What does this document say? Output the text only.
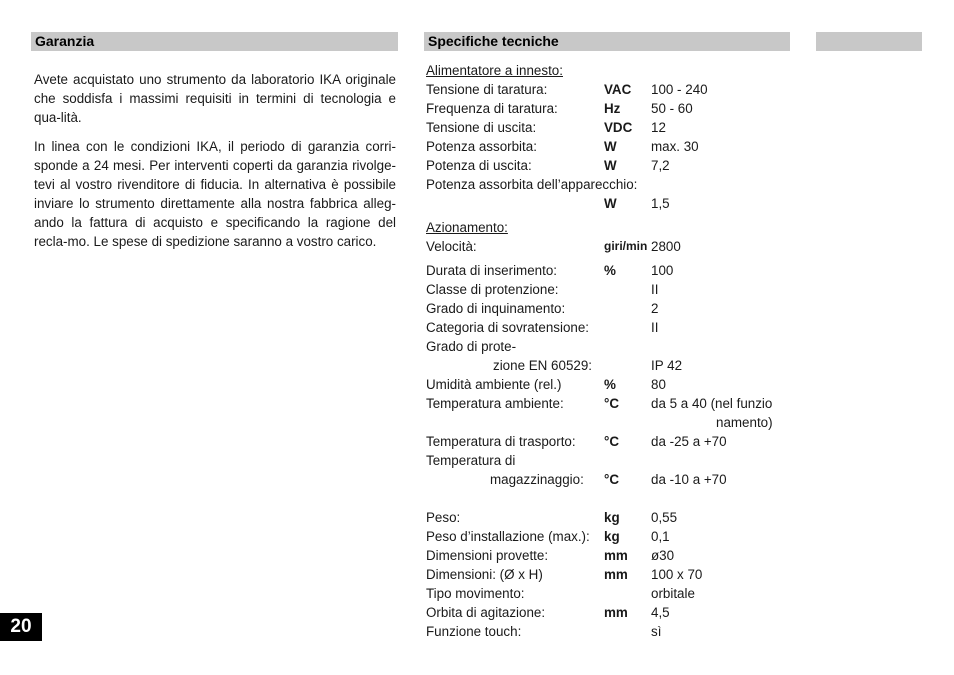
Garanzia	Specifiche tecniche

Avete acquistato uno strumento da laboratorio IKA originale che soddisfa i massimi requisiti in termini di tecnologia e qua-lità.

In linea con le condizioni IKA, il periodo di garanzia corri-sponde a 24 mesi. Per interventi coperti da garanzia rivolge-tevi al vostro rivenditore di fiducia. In alternativa è possibile inviare lo strumento direttamente alla nostra fabbrica alleg-ando la fattura di acquisto e specificando la ragione del recla-mo. Le spese di spedizione saranno a vostro carico.

Alimentatore a innesto:
Tensione di taratura:	VAC 100 - 240
Frequenza di taratura:	Hz 50 - 60
Tensione di uscita:	VDC 12
Potenza assorbita:	W	max. 30
Potenza di uscita:	W	7,2
Potenza assorbita dell’apparecchio:
W	1,5
Azionamento:
Velocità:	giri/min 2800
Durata di inserimento:	%	100
Classe di protenzione:	II
Grado di inquinamento:	2
Categoria di sovratensione:	II
Grado di prote-
zione EN 60529:	IP 42
Umidità ambiente (rel.)	%	80
Temperatura ambiente:	°C da 5 a 40 (nel funzio
namento)
Temperatura di trasporto: °C da -25 a +70
Temperatura di
magazzinaggio: °C da -10 a +70
Peso:	kg 0,55
Peso d’installazione (max.): kg 0,1
Dimensioni provette:	mm ø30
Dimensioni: (Ø x H)	mm 100 x 70
Tipo movimento:	orbitale
Orbita di agitazione:	mm 4,5
Funzione touch:	sì
20
